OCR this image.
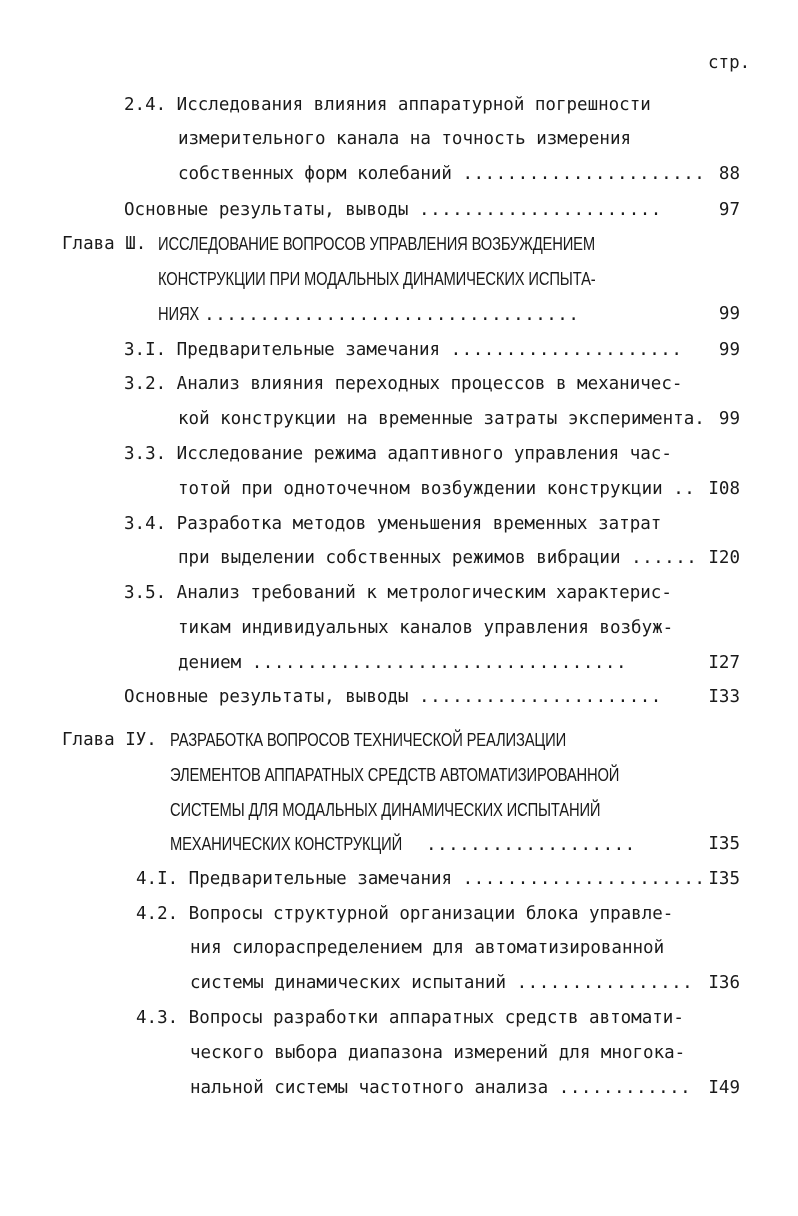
стр.
2.4. Исследования влияния аппаратурной погрешности
измерительного канала на точность измерения
собственных форм колебаний ...................... 88
Основные результаты, выводы ......................	97
Глава Ш. ИССЛЕДОВАНИЕ ВОПРОСОВ УПРАВЛЕНИЯ ВОЗБУЖДЕНИЕМ
КОНСТРУКЦИИ ПРИ МОДАЛЬНЫХ ДИНАМИЧЕСКИХ ИСПЫТА-
НИЯХ ..................................	99
3.I. Предварительные замечания .....................	99
3.2. Анализ влияния переходных процессов в механичес-
кой конструкции на временные затраты эксперимента. 99
3.3. Исследование режима адаптивного управления час-
тотой при одноточечном возбуждении конструкции .. I08
3.4. Разработка методов уменьшения временных затрат
при выделении собственных режимов вибрации ...... I20
3.5. Анализ требований к метрологическим характерис-
тикам индивидуальных каналов управления возбуж-
дением ..................................	I27
Основные результаты, выводы ......................	I33
Глава IУ. РАЗРАБОТКА ВОПРОСОВ ТЕХНИЧЕСКОЙ РЕАЛИЗАЦИИ
ЭЛЕМЕНТОВ АППАРАТНЫХ СРЕДСТВ АВТОМАТИЗИРОВАННОЙ
СИСТЕМЫ ДЛЯ МОДАЛЬНЫХ ДИНАМИЧЕСКИХ ИСПЫТАНИЙ
МЕХАНИЧЕСКИХ КОНСТРУКЦИЙ ...................	I35
4.I. Предварительные замечания ...................... I35
4.2. Вопросы структурной организации блока управле-
ния силораспределением для автоматизированной
системы динамических испытаний ................ I36
4.3. Вопросы разработки аппаратных средств автомати-
ческого выбора диапазона измерений для многока-
нальной системы частотного анализа ............ I49
